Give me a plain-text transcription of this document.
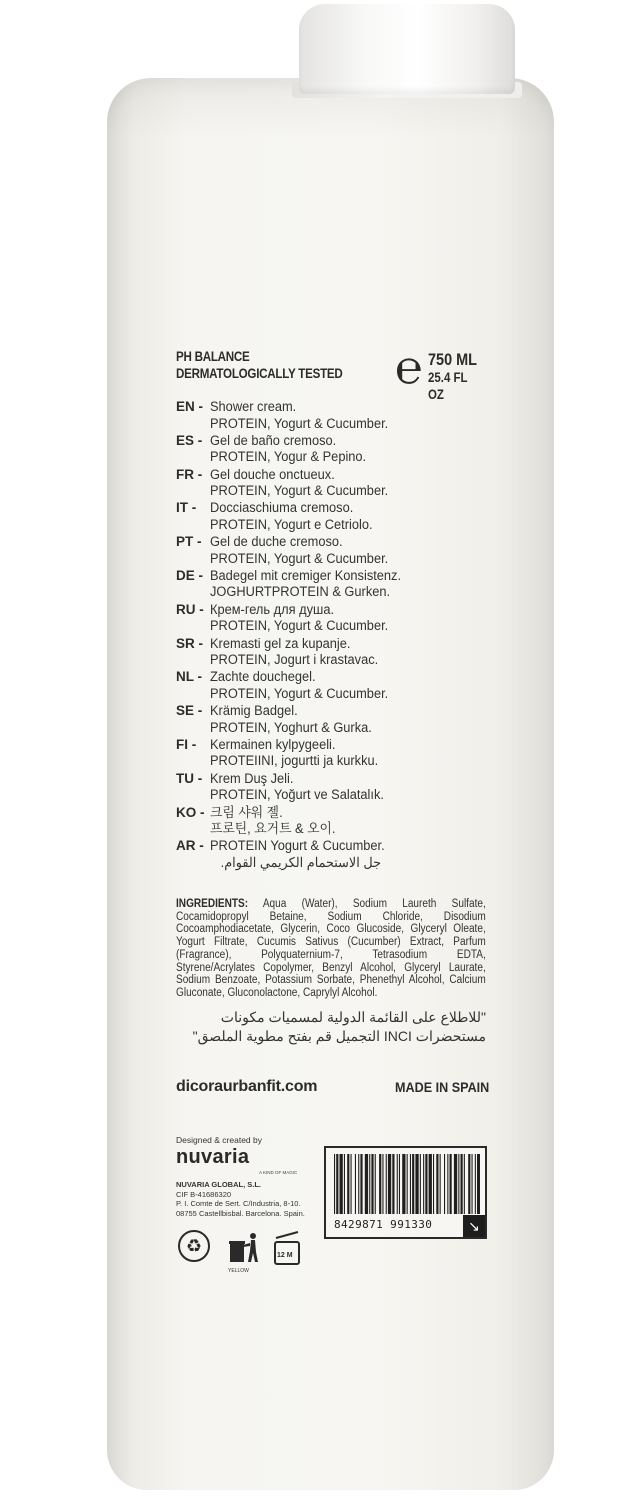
PH BALANCE
DERMATOLOGICALLY TESTED ℮ 750 ML
25.4 FL OZ
EN - Shower cream.
PROTEIN, Yogurt & Cucumber.
ES - Gel de baño cremoso.
PROTEIN, Yogur & Pepino.
FR - Gel douche onctueux.
PROTEIN, Yogurt & Cucumber.
IT -	Docciaschiuma cremoso.
PROTEIN, Yogurt e Cetriolo.
PT - Gel de duche cremoso.
PROTEIN, Yogurt & Cucumber.
DE - Badegel mit cremiger Konsistenz.
JOGHURTPROTEIN & Gurken.
RU - Крем-гель для душа.
PROTEIN, Yogurt & Cucumber.
SR - Kremasti gel za kupanje.
PROTEIN, Jogurt i krastavac.
NL - Zachte douchegel.
PROTEIN, Yogurt & Cucumber.
SE - Krämig Badgel.
PROTEIN, Yoghurt & Gurka.
FI -	Kermainen kylpygeeli.
PROTEIINI, jogurtti ja kurkku.
TU - Krem Duş Jeli.
PROTEIN, Yoğurt ve Salatalık.
KO - 크림 샤워 젤.
프로틴, 요거트 & 오이.
AR - PROTEIN Yogurt & Cucumber.
جل الاستحمام الكريمي القوام.
INGREDIENTS: Aqua (Water), Sodium Laureth Sulfate, Cocamidopropyl Betaine, Sodium Chloride, Disodium Cocoamphodiacetate, Glycerin, Coco Glucoside, Glyceryl Oleate, Yogurt Filtrate, Cucumis Sativus (Cucumber) Extract, Parfum (Fragrance), Polyquaternium-7, Tetrasodium EDTA, Styrene/Acrylates Copolymer, Benzyl Alcohol, Glyceryl Laurate, Sodium Benzoate, Potassium Sorbate, Phenethyl Alcohol, Calcium Gluconate, Gluconolactone, Caprylyl Alcohol.
"للاطلاع على القائمة الدولية لمسميات مكونات
مستحضرات INCI التجميل قم بفتح مطوية الملصق"
dicoraurbanfit.com	MADE IN SPAIN
Designed & created by
nuvaria
A KIND OF MAGIC
NUVARIA GLOBAL, S.L.
CIF B-41686320
P. I. Comte de Sert. C/Industria, 8-10.
08755 Castellbisbal. Barcelona. Spain.
♻
YELLOW
12 M
8429871 991330	↘
